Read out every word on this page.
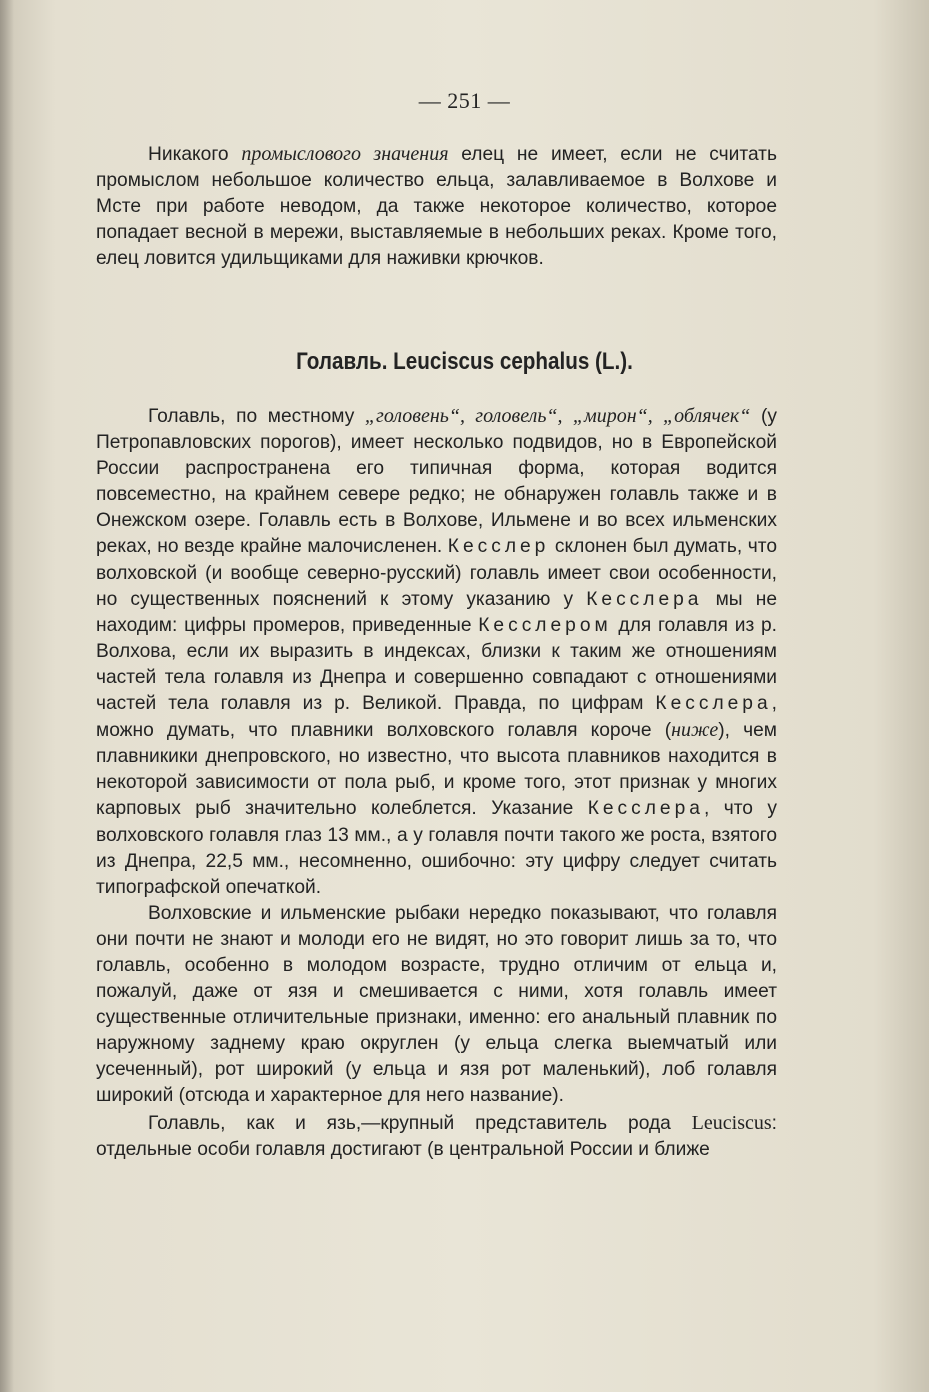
— 251 —

Никакого промыслового значения елец не имеет, если не считать промыслом небольшое количество ельца, залавливаемое в Волхове и Мсте при работе неводом, да также некоторое количество, которое попадает весной в мережи, выставляемые в небольших реках. Кроме того, елец ловится удильщиками для наживки крючков.

Голавль. Leuciscus cephalus (L.).

Голавль, по местному „головень“, головель“, „мирон“, „облячек“ (у Петропавловских порогов), имеет несколько подвидов, но в Европейской России распространена его типичная форма, которая водится повсеместно, на крайнем севере редко; не обнаружен голавль также и в Онежском озере. Голавль есть в Волхове, Ильмене и во всех ильменских реках, но везде крайне малочисленен. Кесслер склонен был думать, что волховской (и вообще северно-русский) голавль имеет свои особенности, но существенных пояснений к этому указанию у Кесслера мы не находим: цифры промеров, приведенные Кесслером для голавля из р. Волхова, если их выразить в индексах, близки к таким же отношениям частей тела голавля из Днепра и совершенно совпадают с отношениями частей тела голавля из р. Великой. Правда, по цифрам Кесслера, можно думать, что плавники волховского голавля короче (ниже), чем плавникики днепровского, но известно, что высота плавников находится в некоторой зависимости от пола рыб, и кроме того, этот признак у многих карповых рыб значительно колеблется. Указание Кесслера, что у волховского голавля глаз 13 мм., а у голавля почти такого же роста, взятого из Днепра, 22,5 мм., несомненно, ошибочно: эту цифру следует считать типографской опечаткой.

Волховские и ильменские рыбаки нередко показывают, что голавля они почти не знают и молоди его не видят, но это говорит лишь за то, что голавль, особенно в молодом возрасте, трудно отличим от ельца и, пожалуй, даже от язя и смешивается с ними, хотя голавль имеет существенные отличительные признаки, именно: его анальный плавник по наружному заднему краю округлен (у ельца слегка выемчатый или усеченный), рот широкий (у ельца и язя рот маленький), лоб голавля широкий (отсюда и характерное для него название).

Голавль, как и язь,—крупный представитель рода Leuciscus: отдельные особи голавля достигают (в центральной России и ближе
